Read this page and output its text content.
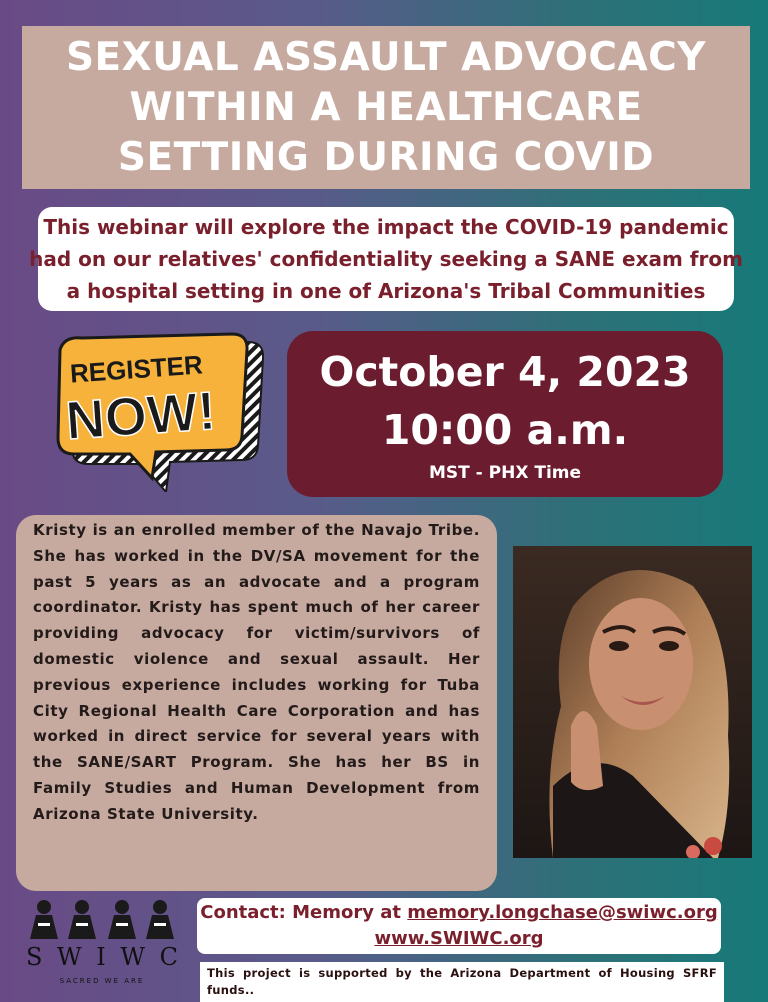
SEXUAL ASSAULT ADVOCACY
WITHIN A HEALTHCARE
SETTING DURING COVID
This webinar will explore the impact the COVID-19 pandemic
had on our relatives' confidentiality seeking a SANE exam from
a hospital setting in one of Arizona's Tribal Communities
REGISTER
NOW!
October 4, 2023
10:00 a.m.
MST - PHX Time
Kristy is an enrolled member of the Navajo Tribe. She has worked in the DV/SA movement for the past 5 years as an advocate and a program coordinator. Kristy has spent much of her career providing advocacy for victim/survivors of domestic violence and sexual assault. Her previous experience includes working for Tuba City Regional Health Care Corporation and has worked in direct service for several years with the SANE/SART Program. She has her BS in Family Studies and Human Development from Arizona State University.
S W I W C
SACRED WE ARE
Contact: Memory at memory.longchase@swiwc.org
www.SWIWC.org
This project is supported by the Arizona Department of Housing SFRF funds..
